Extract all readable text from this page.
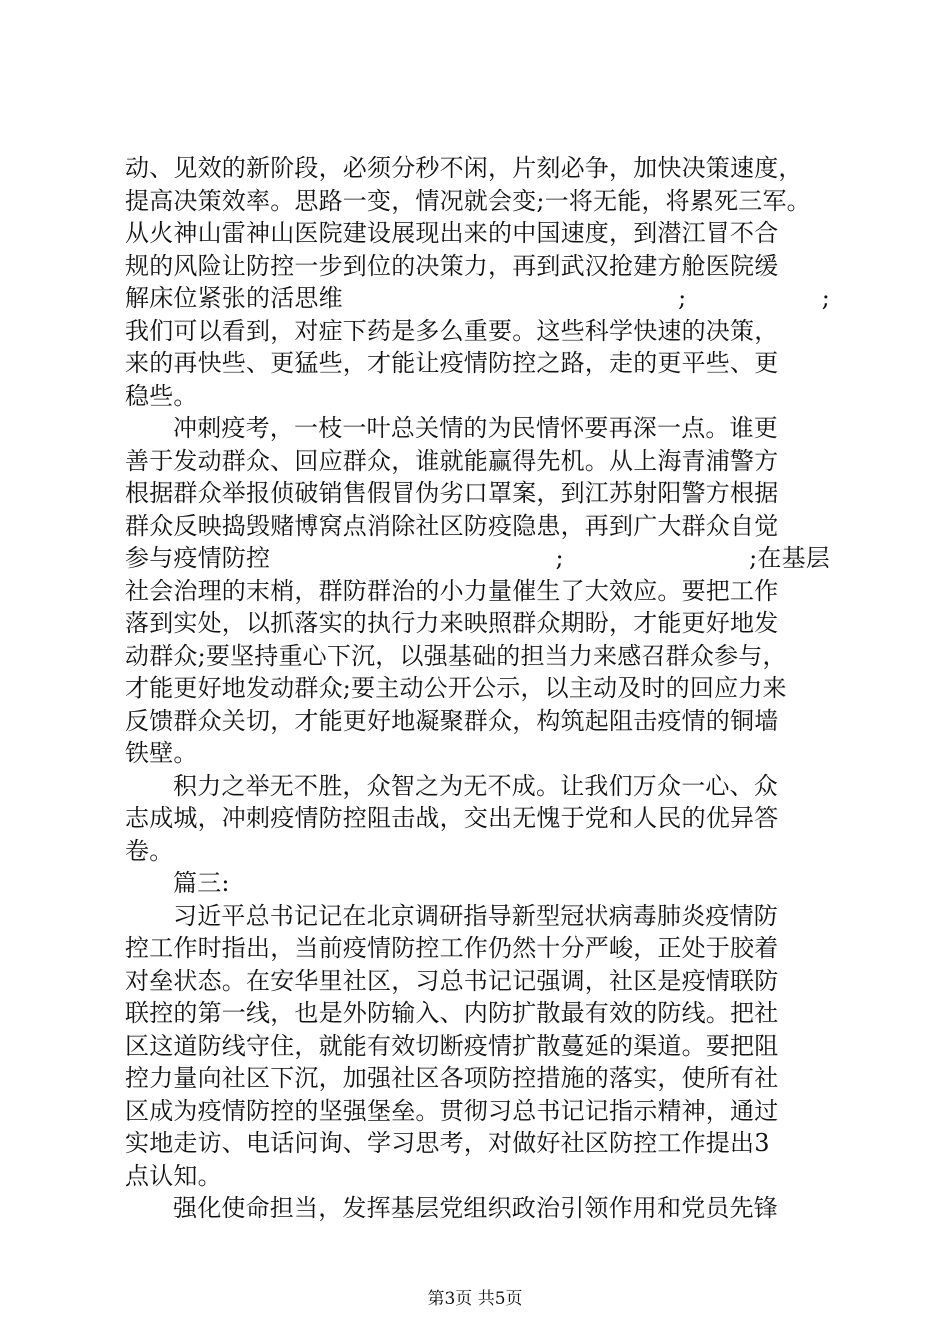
动、见效的新阶段，必须分秒不闲，片刻必争，加快决策速度，
提高决策效率。思路一变，情况就会变;一将无能，将累死三军。
从火神山雷神山医院建设展现出来的中国速度，到潜江冒不合
规的风险让防控一步到位的决策力，再到武汉抢建方舱医院缓
解床位紧张的活思维	;	;
我们可以看到，对症下药是多么重要。这些科学快速的决策，
来的再快些、更猛些，才能让疫情防控之路，走的更平些、更
稳些。
冲刺疫考，一枝一叶总关情的为民情怀要再深一点。谁更
善于发动群众、回应群众，谁就能赢得先机。从上海青浦警方
根据群众举报侦破销售假冒伪劣口罩案，到江苏射阳警方根据
群众反映捣毁赌博窝点消除社区防疫隐患，再到广大群众自觉
参与疫情防控	;	;在基层
社会治理的末梢，群防群治的小力量催生了大效应。要把工作
落到实处，以抓落实的执行力来映照群众期盼，才能更好地发
动群众;要坚持重心下沉，以强基础的担当力来感召群众参与，
才能更好地发动群众;要主动公开公示，以主动及时的回应力来
反馈群众关切，才能更好地凝聚群众，构筑起阻击疫情的铜墙
铁壁。
积力之举无不胜，众智之为无不成。让我们万众一心、众
志成城，冲刺疫情防控阻击战，交出无愧于党和人民的优异答
卷。
篇三:
习近平总书记记在北京调研指导新型冠状病毒肺炎疫情防
控工作时指出，当前疫情防控工作仍然十分严峻，正处于胶着
对垒状态。在安华里社区，习总书记记强调，社区是疫情联防
联控的第一线，也是外防输入、内防扩散最有效的防线。把社
区这道防线守住，就能有效切断疫情扩散蔓延的渠道。要把阻
控力量向社区下沉，加强社区各项防控措施的落实，使所有社
区成为疫情防控的坚强堡垒。贯彻习总书记记指示精神，通过
实地走访、电话问询、学习思考，对做好社区防控工作提出3
点认知。
强化使命担当，发挥基层党组织政治引领作用和党员先锋
第3页 共5页
